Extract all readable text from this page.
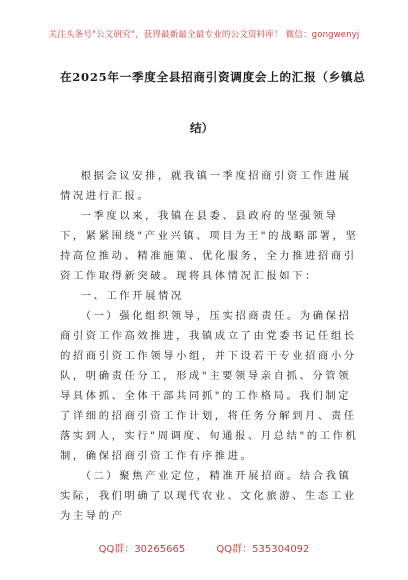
关注头条号"公文研究"，获得最新最全最专业的公文资料库！ 微信：gongwenyj
在2025年一季度全县招商引资调度会上的汇报（乡镇总
结）

根据会议安排，就我镇一季度招商引资工作进展情况进行汇报。

一季度以来，我镇在县委、县政府的坚强领导下，紧紧围绕"产业兴镇、项目为王"的战略部署，坚持高位推动、精准施策、优化服务，全力推进招商引资工作取得新突破。现将具体情况汇报如下：

一、工作开展情况

（一）强化组织领导，压实招商责任。为确保招商引资工作高效推进，我镇成立了由党委书记任组长的招商引资工作领导小组，并下设若干专业招商小分队，明确责任分工，形成"主要领导亲自抓、分管领导具体抓、全体干部共同抓"的工作格局。我们制定了详细的招商引资工作计划，将任务分解到月、责任落实到人，实行"周调度、旬通报、月总结"的工作机制，确保招商引资工作有序推进。

（二）聚焦产业定位，精准开展招商。结合我镇实际，我们明确了以现代农业、文化旅游、生态工业为主导的产

QQ群：30265665	QQ群：535304092
